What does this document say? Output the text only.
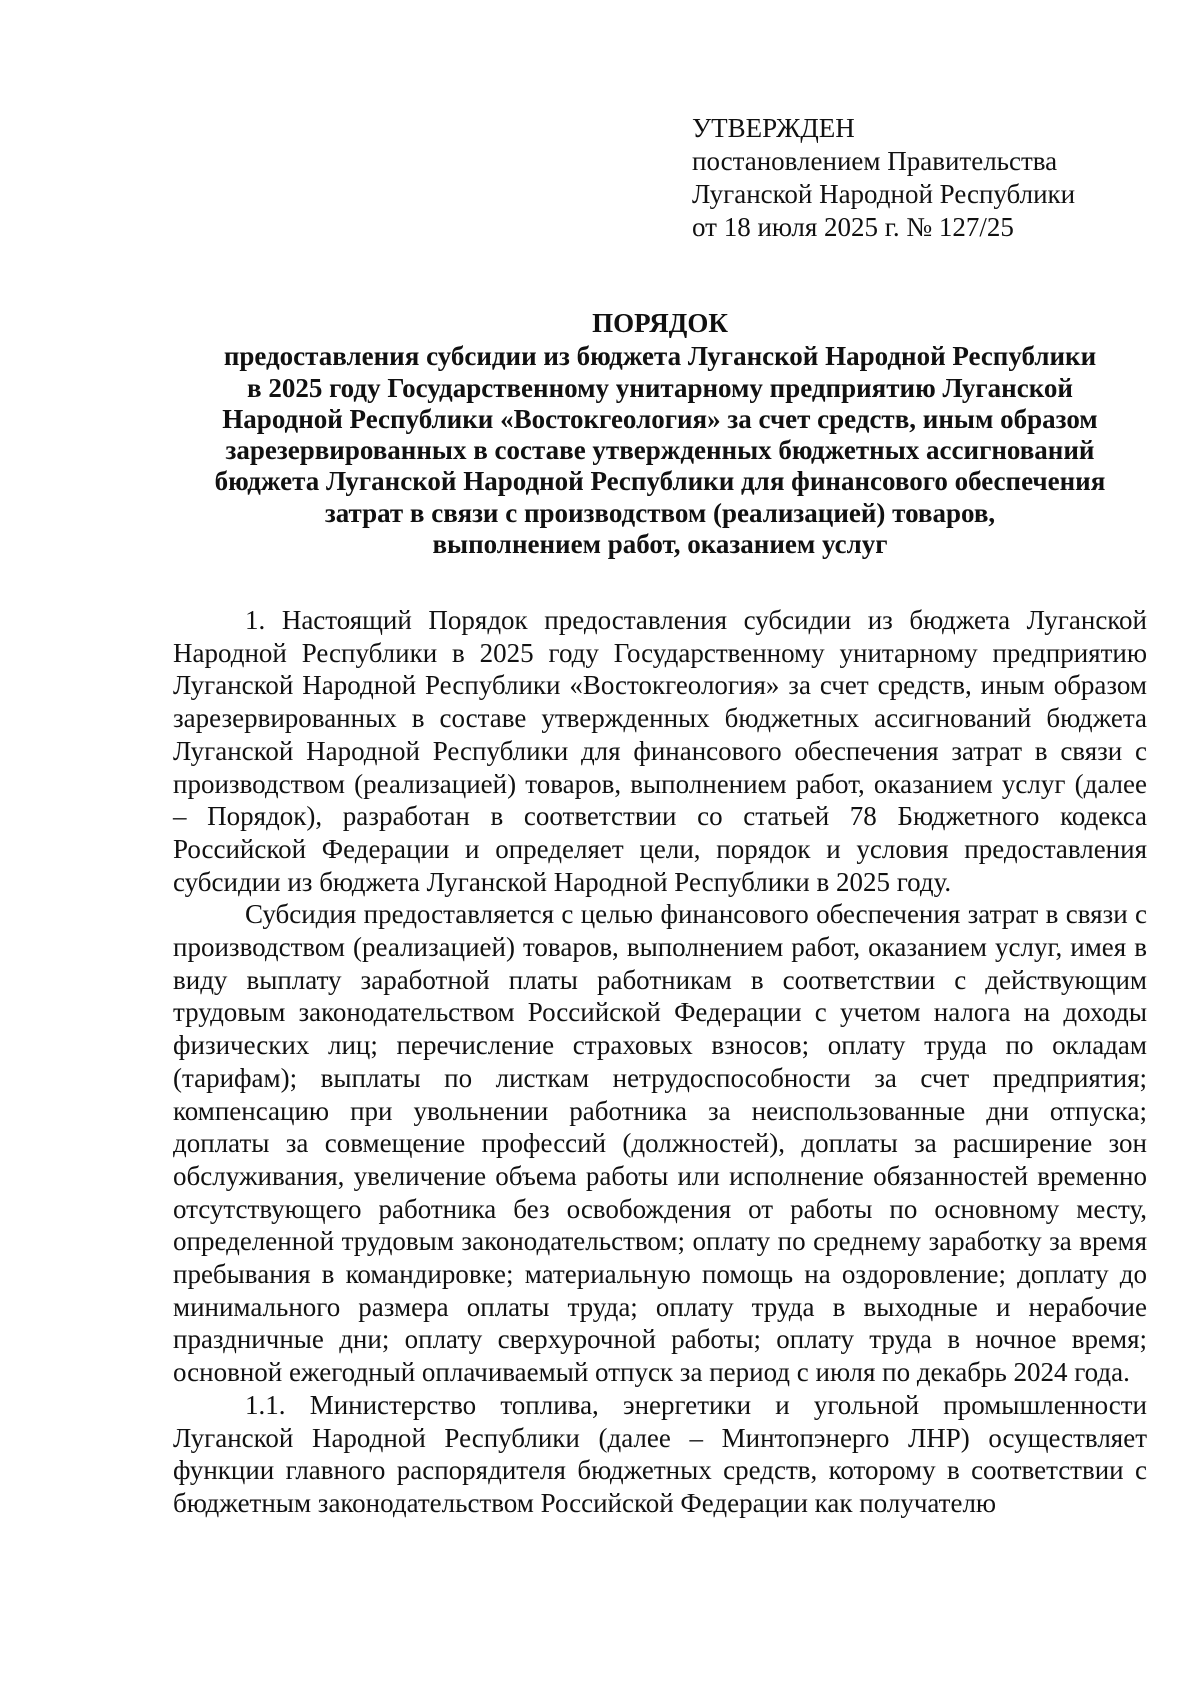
УТВЕРЖДЕН
постановлением Правительства
Луганской Народной Республики
от 18 июля 2025 г. № 127/25
ПОРЯДОК
предоставления субсидии из бюджета Луганской Народной Республики
в 2025 году Государственному унитарному предприятию Луганской
Народной Республики «Востокгеология» за счет средств, иным образом
зарезервированных в составе утвержденных бюджетных ассигнований
бюджета Луганской Народной Республики для финансового обеспечения
затрат в связи с производством (реализацией) товаров,
выполнением работ, оказанием услуг

1. Настоящий Порядок предоставления субсидии из бюджета Луганской Народной Республики в 2025 году Государственному унитарному предприятию Луганской Народной Республики «Востокгеология» за счет средств, иным образом зарезервированных в составе утвержденных бюджетных ассигнований бюджета Луганской Народной Республики для финансового обеспечения затрат в связи с производством (реализацией) товаров, выполнением работ, оказанием услуг (далее – Порядок), разработан в соответствии со статьей 78 Бюджетного кодекса Российской Федерации и определяет цели, порядок и условия предоставления субсидии из бюджета Луганской Народной Республики в 2025 году.

Субсидия предоставляется с целью финансового обеспечения затрат в связи с производством (реализацией) товаров, выполнением работ, оказанием услуг, имея в виду выплату заработной платы работникам в соответствии с действующим трудовым законодательством Российской Федерации с учетом налога на доходы физических лиц; перечисление страховых взносов; оплату труда по окладам (тарифам); выплаты по листкам нетрудоспособности за счет предприятия; компенсацию при увольнении работника за неиспользованные дни отпуска; доплаты за совмещение профессий (должностей), доплаты за расширение зон обслуживания, увеличение объема работы или исполнение обязанностей временно отсутствующего работника без освобождения от работы по основному месту, определенной трудовым законодательством; оплату по среднему заработку за время пребывания в командировке; материальную помощь на оздоровление; доплату до минимального размера оплаты труда; оплату труда в выходные и нерабочие праздничные дни; оплату сверхурочной работы; оплату труда в ночное время; основной ежегодный оплачиваемый отпуск за период с июля по декабрь 2024 года.

1.1. Министерство топлива, энергетики и угольной промышленности Луганской Народной Республики (далее – Минтопэнерго ЛНР) осуществляет функции главного распорядителя бюджетных средств, которому в соответствии с бюджетным законодательством Российской Федерации как получателю
